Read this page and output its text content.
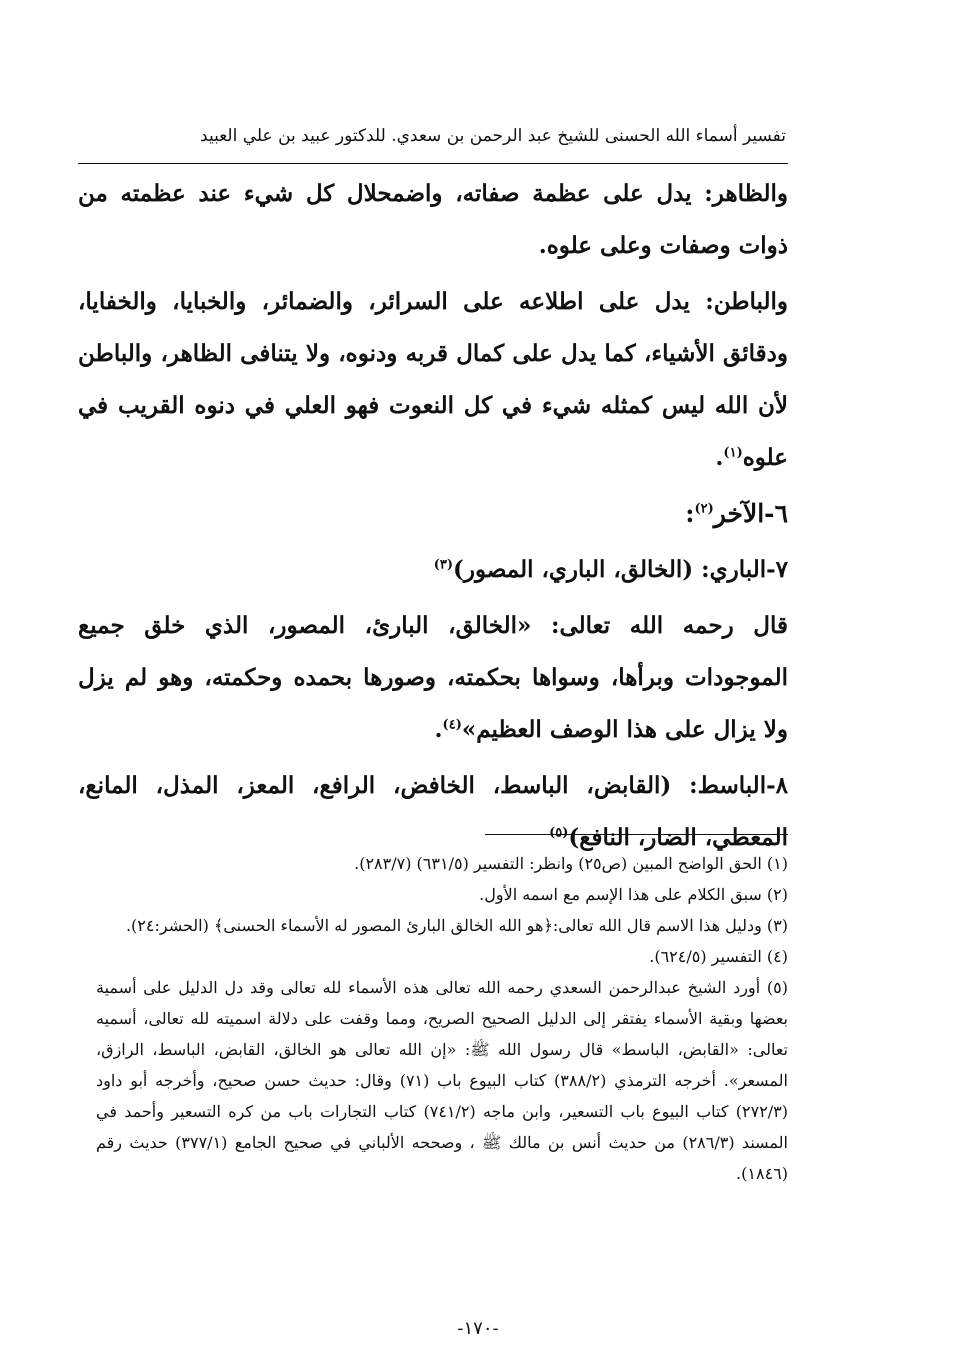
تفسير أسماء الله الحسنى للشيخ عبد الرحمن بن سعدي. للدكتور عبيد بن علي العبيد

والظاهر: يدل على عظمة صفاته، واضمحلال كل شيء عند عظمته من ذوات وصفات وعلى علوه.

والباطن: يدل على اطلاعه على السرائر، والضمائر، والخبايا، والخفايا، ودقائق الأشياء، كما يدل على كمال قربه ودنوه، ولا يتنافى الظاهر، والباطن لأن الله ليس كمثله شيء في كل النعوت فهو العلي في دنوه القريب في علوه$^{(١)}$.

٦-الآخر$^{(٢)}$:

٧-الباري: (الخالق، الباري، المصور)$^{(٣)}$

قال رحمه الله تعالى: «الخالق، البارئ، المصور، الذي خلق جميع الموجودات وبرأها، وسواها بحكمته، وصورها بحمده وحكمته، وهو لم يزل ولا يزال على هذا الوصف العظيم»$^{(٤)}$.

٨-الباسط: (القابض، الباسط، الخافض، الرافع، المعز، المذل، المانع، المعطي، الضار، النافع)$^{(٥)}$

(١) الحق الواضح المبين (ص٢٥) وانظر: التفسير (٦٣١/٥) (٢٨٣/٧).

(٢) سبق الكلام على هذا الإسم مع اسمه الأول.

(٣) ودليل هذا الاسم قال الله تعالى:﴿هو الله الخالق البارئ المصور له الأسماء الحسنى﴾ (الحشر:٢٤).

(٤) التفسير (٦٢٤/٥).

(٥) أورد الشيخ عبدالرحمن السعدي رحمه الله تعالى هذه الأسماء لله تعالى وقد دل الدليل على أسمية بعضها وبقية الأسماء يفتقر إلى الدليل الصحيح الصريح، ومما وقفت على دلالة اسميته لله تعالى، أسميه تعالى: «القابض، الباسط» قال رسول الله ﷺ: «إن الله تعالى هو الخالق، القابض، الباسط، الرازق، المسعر». أخرجه الترمذي (٣٨٨/٢) كتاب البيوع باب (٧١) وقال: حديث حسن صحيح، وأخرجه أبو داود (٢٧٢/٣) كتاب البيوع باب التسعير، وابن ماجه (٧٤١/٢) كتاب التجارات باب من كره التسعير وأحمد في المسند (٢٨٦/٣) من حديث أنس بن مالك ﷺ ، وصححه الألباني في صحيح الجامع (٣٧٧/١) حديث رقم (١٨٤٦).

-١٧٠-
